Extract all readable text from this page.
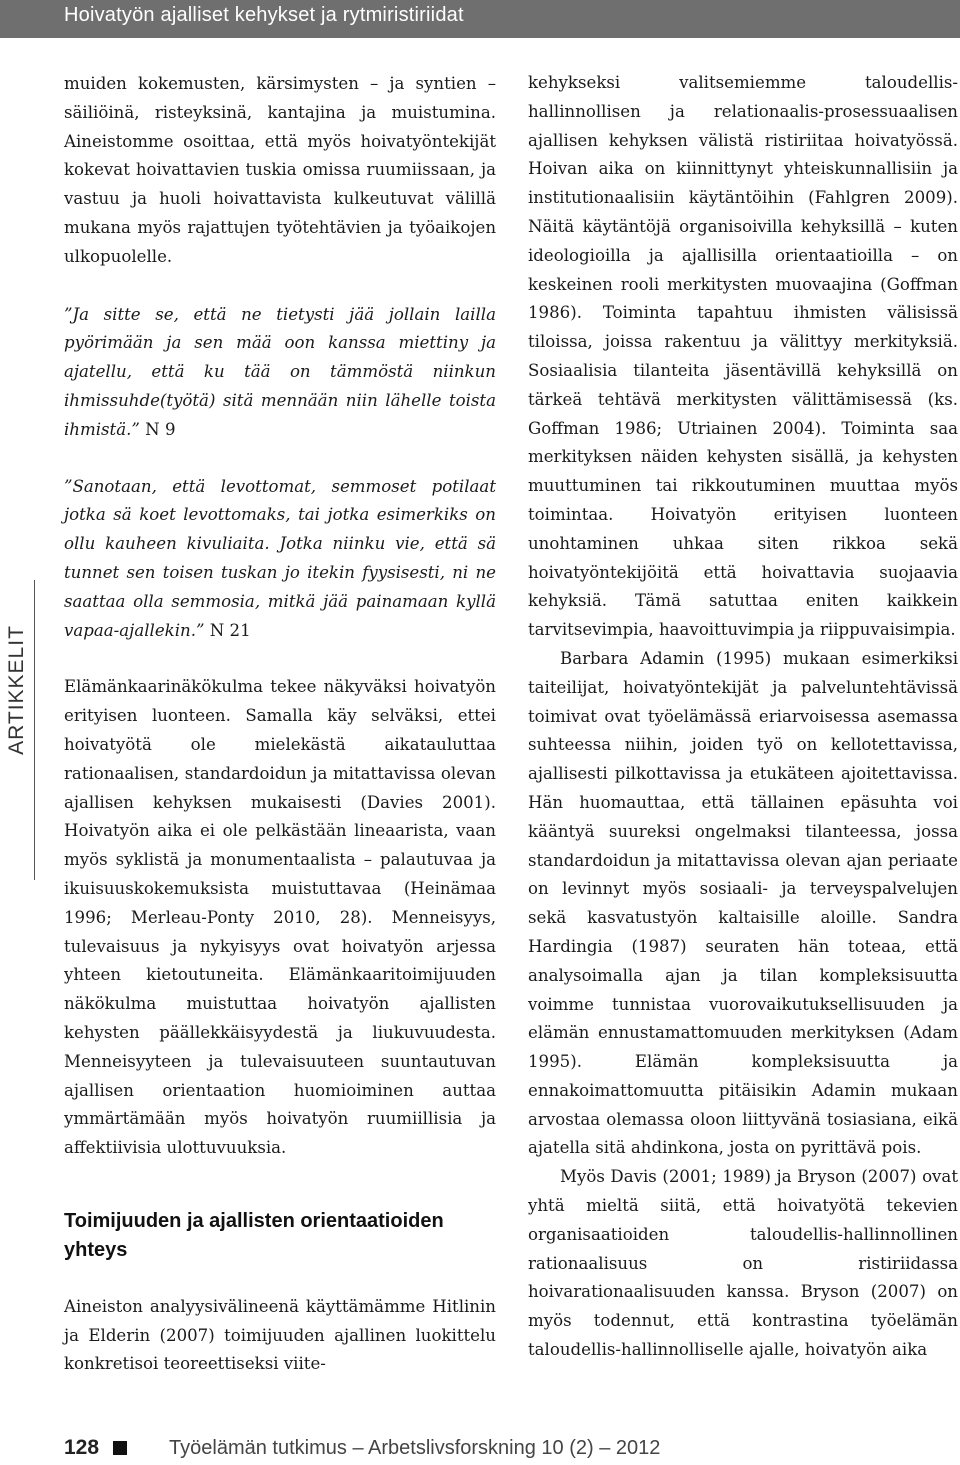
Hoivatyön ajalliset kehykset ja rytmiristiriidat
ARTIKKELIT

muiden kokemusten, kärsimysten – ja syntien – säiliöinä, risteyksinä, kantajina ja muistumina. Aineistomme osoittaa, että myös hoivatyöntekijät kokevat hoivattavien tuskia omissa ruumiissaan, ja vastuu ja huoli hoivattavista kulkeutuvat välillä mukana myös rajattujen työtehtävien ja työaikojen ulkopuolelle.

”Ja sitte se, että ne tietysti jää jollain lailla pyörimään ja sen mää oon kanssa miettiny ja ajatellu, että ku tää on tämmöstä niinkun ihmissuhde(työtä) sitä mennään niin lähelle toista ihmistä.” N 9

”Sanotaan, että levottomat, semmoset potilaat jotka sä koet levottomaks, tai jotka esimerkiks on ollu kauheen kivuliaita. Jotka niinku vie, että sä tunnet sen toisen tuskan jo itekin fyysisesti, ni ne saattaa olla semmosia, mitkä jää painamaan kyllä vapaa-ajallekin.” N 21

Elämänkaarinäkökulma tekee näkyväksi hoivatyön erityisen luonteen. Samalla käy selväksi, ettei hoivatyötä ole mielekästä aikatauluttaa rationaalisen, standardoidun ja mitattavissa olevan ajallisen kehyksen mukaisesti (Davies 2001). Hoivatyön aika ei ole pelkästään lineaarista, vaan myös syklistä ja monumentaalista – palautuvaa ja ikuisuuskokemuksista muistuttavaa (Heinämaa 1996; Merleau-Ponty 2010, 28). Menneisyys, tulevaisuus ja nykyisyys ovat hoivatyön arjessa yhteen kietoutuneita. Elämänkaaritoimijuuden näkökulma muistuttaa hoivatyön ajallisten kehysten päällekkäisyydestä ja liukuvuudesta. Menneisyyteen ja tulevaisuuteen suuntautuvan ajallisen orientaation huomioiminen auttaa ymmärtämään myös hoivatyön ruumiillisia ja affektiivisia ulottuvuuksia.

Toimijuuden ja ajallisten orientaatioiden yhteys

Aineiston analyysivälineenä käyttämämme Hitlinin ja Elderin (2007) toimijuuden ajallinen luokittelu konkretisoi teoreettiseksi viite-

kehykseksi valitsemiemme taloudellis-hallinnollisen ja relationaalis-prosessuaalisen ajallisen kehyksen välistä ristiriitaa hoivatyössä. Hoivan aika on kiinnittynyt yhteiskunnallisiin ja institutionaalisiin käytäntöihin (Fahlgren 2009). Näitä käytäntöjä organisoivilla kehyksillä – kuten ideologioilla ja ajallisilla orientaatioilla – on keskeinen rooli merkitysten muovaajina (Goffman 1986). Toiminta tapahtuu ihmisten välisissä tiloissa, joissa rakentuu ja välittyy merkityksiä. Sosiaalisia tilanteita jäsentävillä kehyksillä on tärkeä tehtävä merkitysten välittämisessä (ks. Goffman 1986; Utriainen 2004). Toiminta saa merkityksen näiden kehysten sisällä, ja kehysten muuttuminen tai rikkoutuminen muuttaa myös toimintaa. Hoivatyön erityisen luonteen unohtaminen uhkaa siten rikkoa sekä hoivatyöntekijöitä että hoivattavia suojaavia kehyksiä. Tämä satuttaa eniten kaikkein tarvitsevimpia, haavoittuvimpia ja riippuvaisimpia.

Barbara Adamin (1995) mukaan esimerkiksi taiteilijat, hoivatyöntekijät ja palveluntehtävissä toimivat ovat työelämässä eriarvoisessa asemassa suhteessa niihin, joiden työ on kellotettavissa, ajallisesti pilkottavissa ja etukäteen ajoitettavissa. Hän huomauttaa, että tällainen epäsuhta voi kääntyä suureksi ongelmaksi tilanteessa, jossa standardoidun ja mitattavissa olevan ajan periaate on levinnyt myös sosiaali- ja terveyspalvelujen sekä kasvatustyön kaltaisille aloille. Sandra Hardingia (1987) seuraten hän toteaa, että analysoimalla ajan ja tilan kompleksisuutta voimme tunnistaa vuorovaikutuksellisuuden ja elämän ennustamattomuuden merkityksen (Adam 1995). Elämän kompleksisuutta ja ennakoimattomuutta pitäisikin Adamin mukaan arvostaa olemassa oloon liittyvänä tosiasiana, eikä ajatella sitä ahdinkona, josta on pyrittävä pois.

Myös Davis (2001; 1989) ja Bryson (2007) ovat yhtä mieltä siitä, että hoivatyötä tekevien organisaatioiden taloudellis-hallinnollinen rationaalisuus on ristiriidassa hoivarationaalisuuden kanssa. Bryson (2007) on myös todennut, että kontrastina työelämän taloudellis-hallinnolliselle ajalle, hoivatyön aika

128	Työelämän tutkimus – Arbetslivsforskning 10 (2) – 2012
